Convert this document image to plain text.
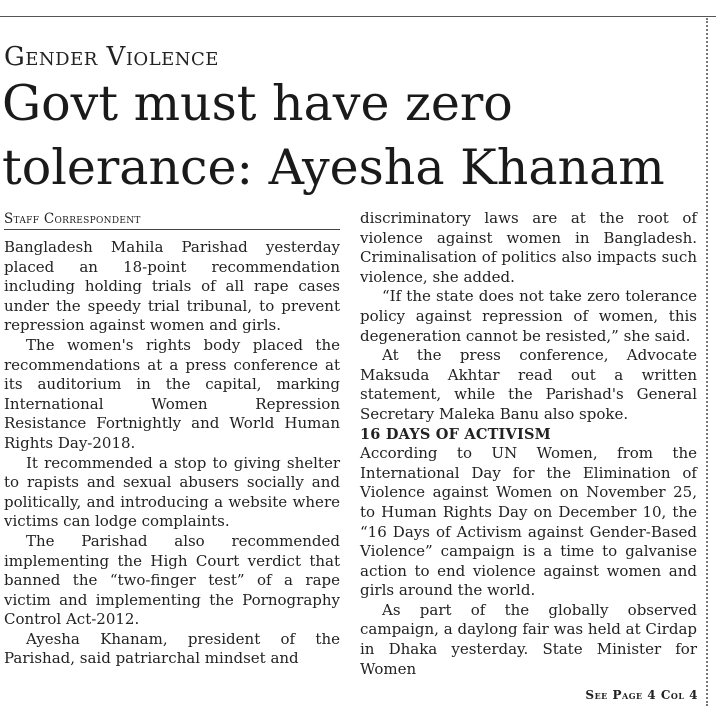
Gender Violence
Govt must have zero
tolerance: Ayesha Khanam
Staff Correspondent

Bangladesh Mahila Parishad yesterday placed an 18-point recommendation including holding trials of all rape cases under the speedy trial tribunal, to prevent repression against women and girls.

The women's rights body placed the recommendations at a press conference at its auditorium in the capital, marking International Women Repression Resistance Fortnightly and World Human Rights Day-2018.

It recommended a stop to giving shelter to rapists and sexual abusers socially and politically, and introducing a website where victims can lodge complaints.

The Parishad also recommended implementing the High Court verdict that banned the “two-finger test” of a rape victim and implementing the Pornography Control Act-2012.

Ayesha Khanam, president of the Parishad, said patriarchal mindset and

discriminatory laws are at the root of violence against women in Bangladesh. Criminalisation of politics also impacts such violence, she added.

“If the state does not take zero tolerance policy against repression of women, this degeneration cannot be resisted,” she said.

At the press conference, Advocate Maksuda Akhtar read out a written statement, while the Parishad's General Secretary Maleka Banu also spoke.

16 DAYS OF ACTIVISM

According to UN Women, from the International Day for the Elimination of Violence against Women on November 25, to Human Rights Day on December 10, the “16 Days of Activism against Gender-Based Violence” campaign is a time to galvanise action to end violence against women and girls around the world.

As part of the globally observed campaign, a daylong fair was held at Cirdap in Dhaka yesterday. State Minister for Women

See Page 4 Col 4
